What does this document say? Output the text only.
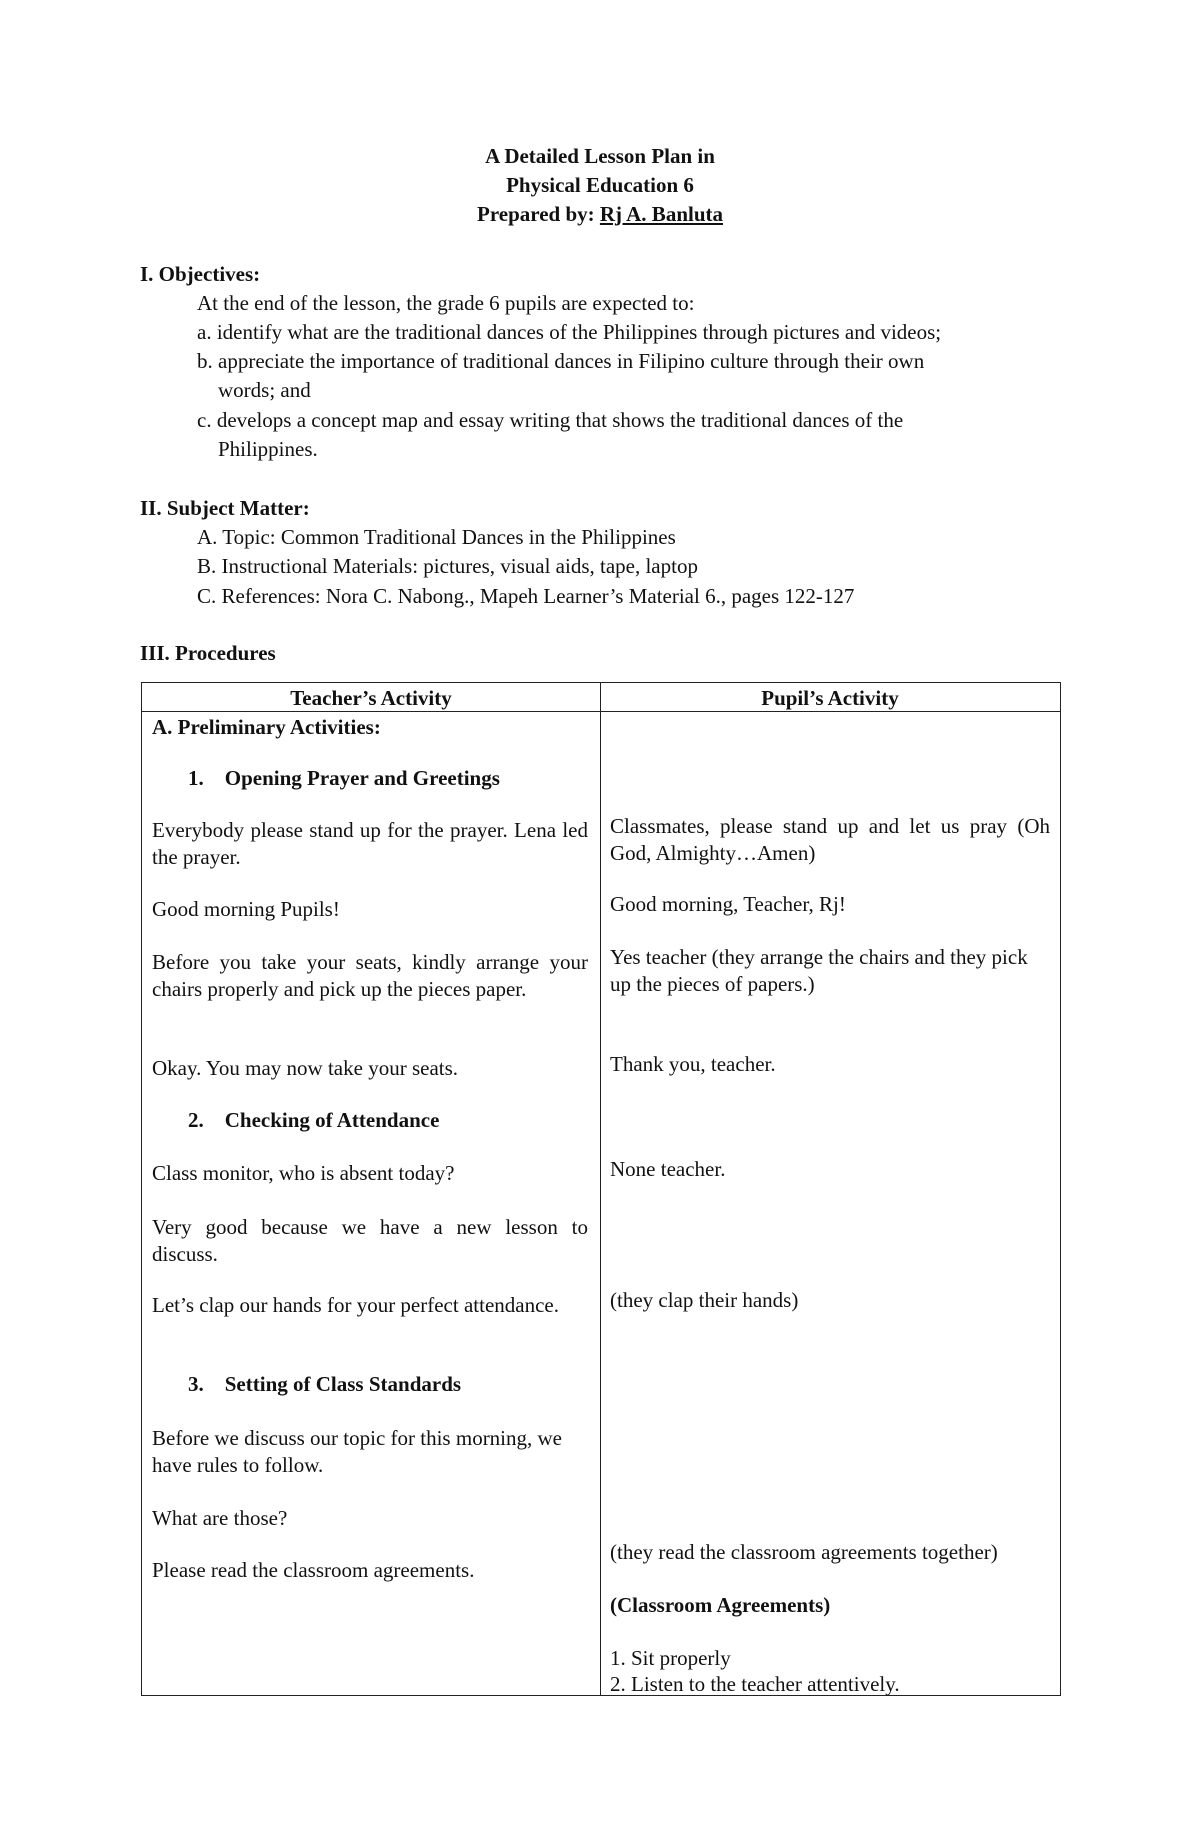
A Detailed Lesson Plan in
Physical Education 6
Prepared by: Rj A. Banluta
I. Objectives:
At the end of the lesson, the grade 6 pupils are expected to:
a. identify what are the traditional dances of the Philippines through pictures and videos;
b. appreciate the importance of traditional dances in Filipino culture through their own
words; and
c. develops a concept map and essay writing that shows the traditional dances of the
Philippines.
II. Subject Matter:
A. Topic: Common Traditional Dances in the Philippines
B. Instructional Materials: pictures, visual aids, tape, laptop
C. References: Nora C. Nabong., Mapeh Learner’s Material 6., pages 122-127
III. Procedures
Teacher’s Activity	Pupil’s Activity
A. Preliminary Activities:
1.    Opening Prayer and Greetings
Everybody please stand up for the prayer. Lena led the prayer.
Good morning Pupils!
Before you take your seats, kindly arrange your chairs properly and pick up the pieces paper.
Okay. You may now take your seats.
2.    Checking of Attendance
Class monitor, who is absent today?
Very good because we have a new lesson to discuss.
Let’s clap our hands for your perfect attendance.
3.    Setting of Class Standards
Before we discuss our topic for this morning, we have rules to follow.
What are those?
Please read the classroom agreements.
Classmates, please stand up and let us pray (Oh God, Almighty…Amen)
Good morning, Teacher, Rj!
Yes teacher (they arrange the chairs and they pick up the pieces of papers.)
Thank you, teacher.
None teacher.
(they clap their hands)
(they read the classroom agreements together)
(Classroom Agreements)
1. Sit properly
2. Listen to the teacher attentively.
